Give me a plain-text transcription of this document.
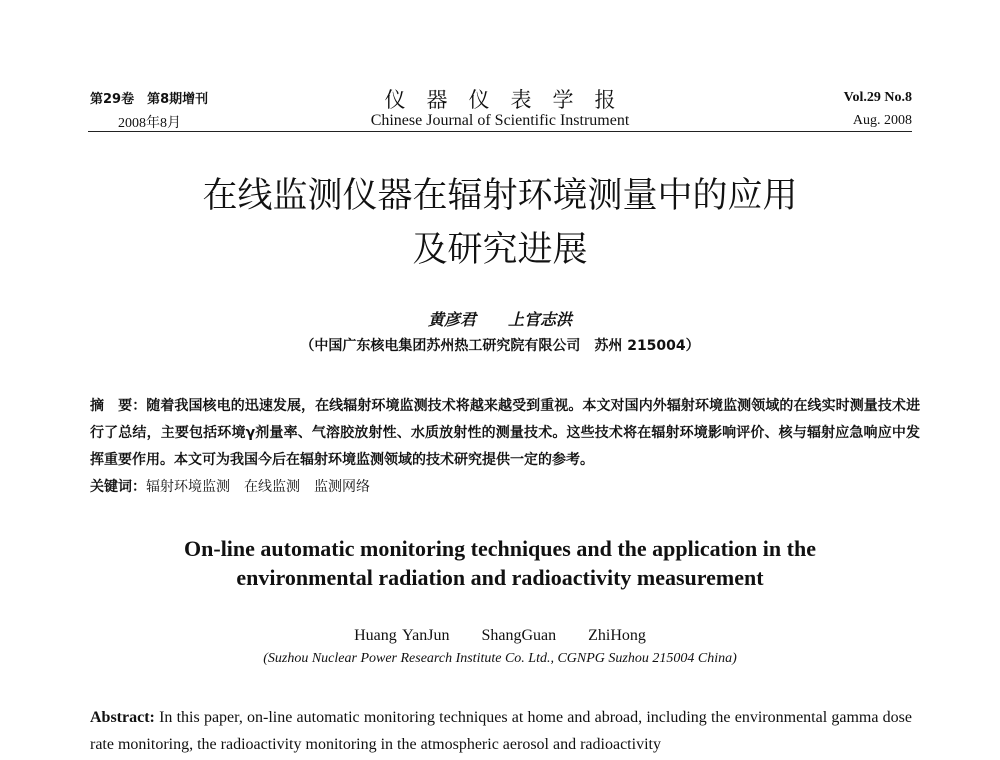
第29卷　第8期增刊
2008年8月
仪　器　仪　表　学　报
Chinese Journal of Scientific Instrument
Vol.29 No.8
Aug. 2008
在线监测仪器在辐射环境测量中的应用
及研究进展
黄彦君　　上官志洪
（中国广东核电集团苏州热工研究院有限公司　苏州 215004）
摘　要：随着我国核电的迅速发展，在线辐射环境监测技术将越来越受到重视。本文对国内外辐射环境监测领域的在线实时测量技术进行了总结，主要包括环境γ剂量率、气溶胶放射性、水质放射性的测量技术。这些技术将在辐射环境影响评价、核与辐射应急响应中发挥重要作用。本文可为我国今后在辐射环境监测领域的技术研究提供一定的参考。
关键词：辐射环境监测　在线监测　监测网络
On-line automatic monitoring techniques and the application in the
environmental radiation and radioactivity measurement
Huang YanJun　　ShangGuan　　ZhiHong
(Suzhou Nuclear Power Research Institute Co. Ltd., CGNPG Suzhou 215004 China)
Abstract: In this paper, on-line automatic monitoring techniques at home and abroad, including the environmental gamma dose rate monitoring, the radioactivity monitoring in the atmospheric aerosol and radioactivity
